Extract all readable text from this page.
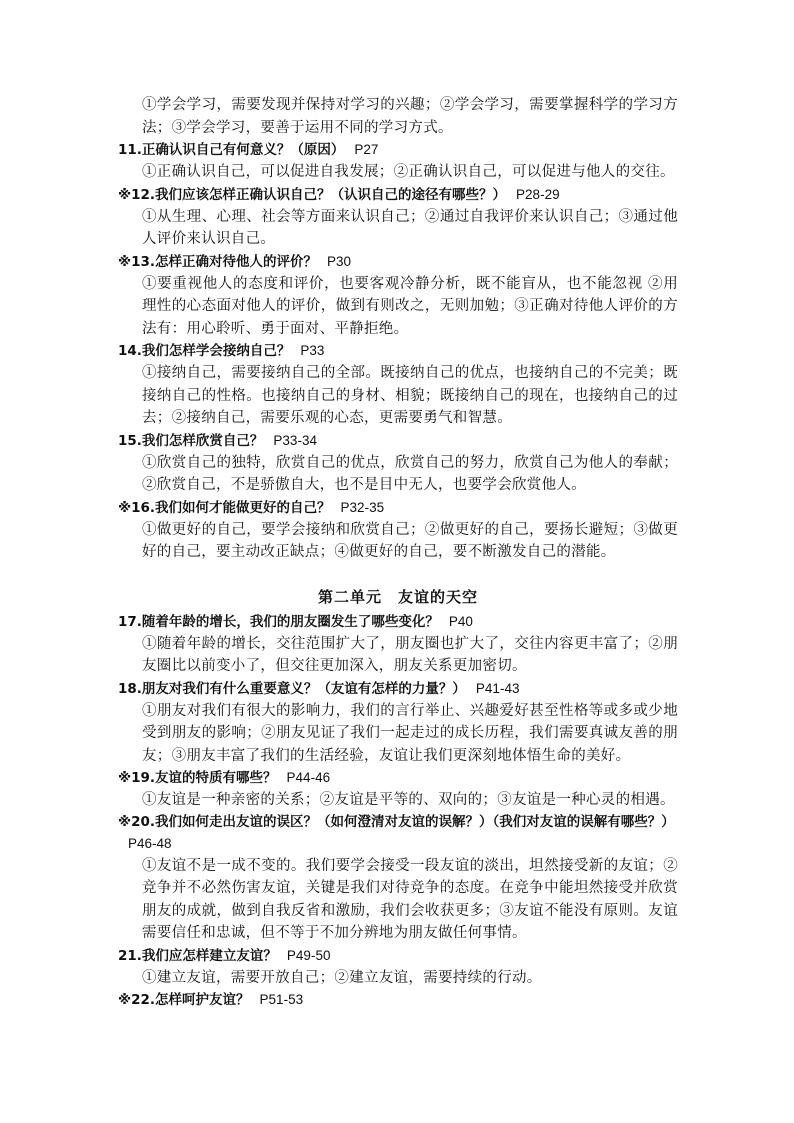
①学会学习，需要发现并保持对学习的兴趣；②学会学习，需要掌握科学的学习方法；③学会学习，要善于运用不同的学习方式。

11.正确认识自己有何意义？（原因） P27

①正确认识自己，可以促进自我发展；②正确认识自己，可以促进与他人的交往。

※12.我们应该怎样正确认识自己？（认识自己的途径有哪些？） P28-29

①从生理、心理、社会等方面来认识自己；②通过自我评价来认识自己；③通过他人评价来认识自己。

※13.怎样正确对待他人的评价？ P30

①要重视他人的态度和评价，也要客观冷静分析，既不能盲从，也不能忽视 ②用理性的心态面对他人的评价，做到有则改之，无则加勉；③正确对待他人评价的方法有：用心聆听、勇于面对、平静拒绝。

14.我们怎样学会接纳自己？ P33

①接纳自己，需要接纳自己的全部。既接纳自己的优点，也接纳自己的不完美；既接纳自己的性格。也接纳自己的身材、相貌；既接纳自己的现在，也接纳自己的过去；②接纳自己，需要乐观的心态，更需要勇气和智慧。

15.我们怎样欣赏自己？ P33-34

①欣赏自己的独特，欣赏自己的优点，欣赏自己的努力，欣赏自己为他人的奉献；②欣赏自己，不是骄傲自大，也不是目中无人，也要学会欣赏他人。

※16.我们如何才能做更好的自己？ P32-35

①做更好的自己，要学会接纳和欣赏自己；②做更好的自己，要扬长避短；③做更好的自己，要主动改正缺点；④做更好的自己，要不断激发自己的潜能。

第二单元　友谊的天空

17.随着年龄的增长，我们的朋友圈发生了哪些变化？ P40

①随着年龄的增长，交往范围扩大了，朋友圈也扩大了，交往内容更丰富了；②朋友圈比以前变小了，但交往更加深入，朋友关系更加密切。

18.朋友对我们有什么重要意义？（友谊有怎样的力量？） P41-43

①朋友对我们有很大的影响力，我们的言行举止、兴趣爱好甚至性格等或多或少地受到朋友的影响；②朋友见证了我们一起走过的成长历程，我们需要真诚友善的朋友；③朋友丰富了我们的生活经验，友谊让我们更深刻地体悟生命的美好。

※19.友谊的特质有哪些？ P44-46

①友谊是一种亲密的关系；②友谊是平等的、双向的；③友谊是一种心灵的相遇。

※20.我们如何走出友谊的误区？（如何澄清对友谊的误解？）（我们对友谊的误解有哪些？）P46-48

①友谊不是一成不变的。我们要学会接受一段友谊的淡出，坦然接受新的友谊；②竞争并不必然伤害友谊，关键是我们对待竞争的态度。在竞争中能坦然接受并欣赏朋友的成就，做到自我反省和激励，我们会收获更多；③友谊不能没有原则。友谊需要信任和忠诚，但不等于不加分辨地为朋友做任何事情。

21.我们应怎样建立友谊？ P49-50

①建立友谊，需要开放自己；②建立友谊，需要持续的行动。

※22.怎样呵护友谊？ P51-53
